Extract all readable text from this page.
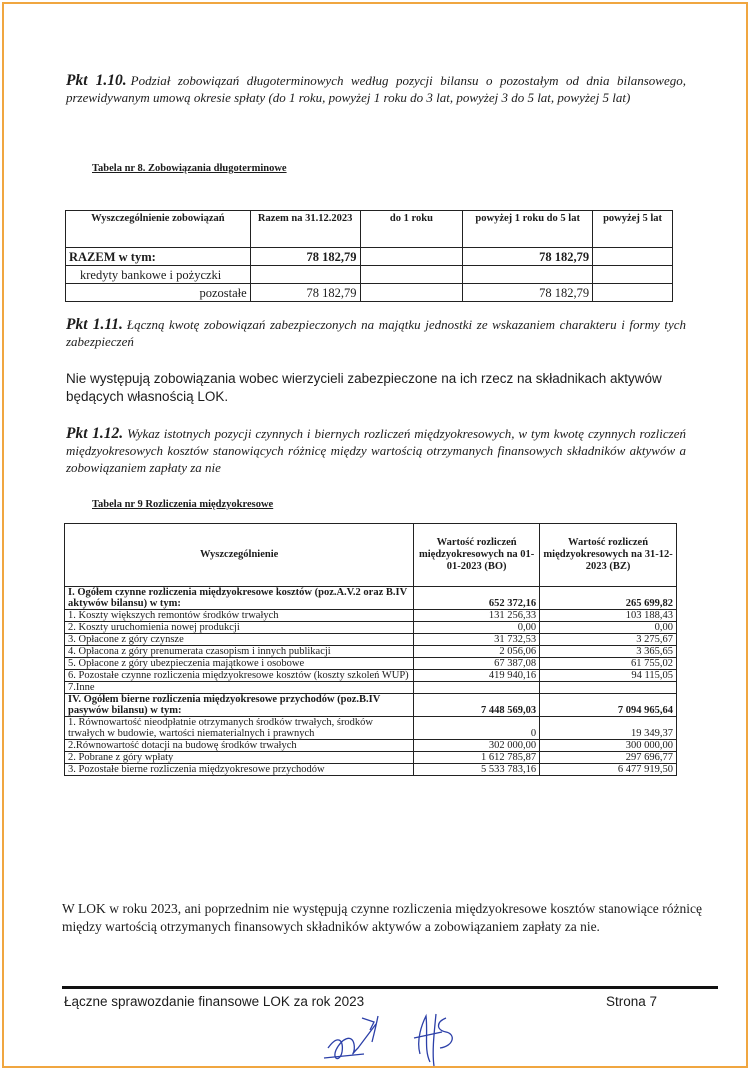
Pkt 1.10. Podział zobowiązań długoterminowych według pozycji bilansu o pozostałym od dnia bilansowego, przewidywanym umową okresie spłaty (do 1 roku, powyżej 1 roku do 3 lat, powyżej 3 do 5 lat, powyżej 5 lat)
Tabela nr 8. Zobowiązania długoterminowe
Wyszczególnienie zobowiązań	Razem na 31.12.2023	do 1 roku	powyżej 1 roku do 5 lat	powyżej 5 lat
RAZEM w tym:	78 182,79		78 182,79	
kredyty bankowe i pożyczki				
pozostałe	78 182,79		78 182,79	
Pkt 1.11. Łączną kwotę zobowiązań zabezpieczonych na majątku jednostki ze wskazaniem charakteru i formy tych zabezpieczeń
Nie występują zobowiązania wobec wierzycieli zabezpieczone na ich rzecz na składnikach aktywów będących własnością LOK.
Pkt 1.12. Wykaz istotnych pozycji czynnych i biernych rozliczeń międzyokresowych, w tym kwotę czynnych rozliczeń międzyokresowych kosztów stanowiących różnicę między wartością otrzymanych finansowych składników aktywów a zobowiązaniem zapłaty za nie
Tabela nr 9 Rozliczenia międzyokresowe
Wyszczególnienie	Wartość rozliczeń międzyokresowych na 01-01-2023 (BO)	Wartość rozliczeń międzyokresowych na 31-12-2023 (BZ)
I. Ogółem czynne rozliczenia międzyokresowe kosztów (poz.A.V.2 oraz B.IV aktywów bilansu) w tym:	652 372,16	265 699,82
1. Koszty większych remontów środków trwałych	131 256,33	103 188,43
2. Koszty uruchomienia nowej produkcji	0,00	0,00
3. Opłacone z góry czynsze	31 732,53	3 275,67
4. Opłacona z góry prenumerata czasopism i innych publikacji	2 056,06	3 365,65
5. Opłacone z góry ubezpieczenia majątkowe i osobowe	67 387,08	61 755,02
6. Pozostałe czynne rozliczenia międzyokresowe kosztów (koszty szkoleń WUP)	419 940,16	94 115,05
7.Inne		
IV. Ogółem bierne rozliczenia międzyokresowe przychodów (poz.B.IV pasywów bilansu) w tym:	7 448 569,03	7 094 965,64
1. Równowartość nieodpłatnie otrzymanych środków trwałych, środków trwałych w budowie, wartości niematerialnych i prawnych	0	19 349,37
2.Równowartość dotacji na budowę środków trwałych	302 000,00	300 000,00
2. Pobrane z góry wpłaty	1 612 785,87	297 696,77
3. Pozostałe bierne rozliczenia międzyokresowe przychodów	5 533 783,16	6 477 919,50
W LOK w roku 2023, ani poprzednim nie występują czynne rozliczenia międzyokresowe kosztów stanowiące różnicę między wartością otrzymanych finansowych składników aktywów a zobowiązaniem zapłaty za nie.
Łączne sprawozdanie finansowe LOK za rok 2023	Strona 7
